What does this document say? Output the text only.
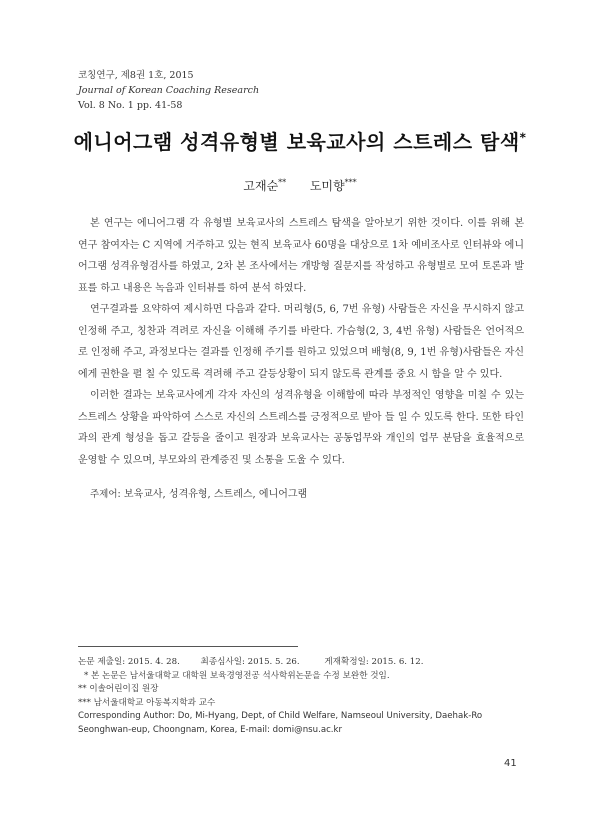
코칭연구, 제8권 1호, 2015
Journal of Korean Coaching Research
Vol. 8 No. 1 pp. 41-58
에니어그램 성격유형별 보육교사의 스트레스 탐색*
고재순** 도미향***

본 연구는 에니어그램 각 유형별 보육교사의 스트레스 탐색을 알아보기 위한 것이다. 이를 위해 본 연구 참여자는 C 지역에 거주하고 있는 현직 보육교사 60명을 대상으로 1차 예비조사로 인터뷰와 에니어그램 성격유형검사를 하였고, 2차 본 조사에서는 개방형 질문지를 작성하고 유형별로 모여 토론과 발표를 하고 내용은 녹음과 인터뷰를 하여 분석 하였다.

연구결과를 요약하여 제시하면 다음과 같다. 머리형(5, 6, 7번 유형) 사람들은 자신을 무시하지 않고 인정해 주고, 칭찬과 격려로 자신을 이해해 주기를 바란다. 가슴형(2, 3, 4번 유형) 사람들은 언어적으로 인정해 주고, 과정보다는 결과를 인정해 주기를 원하고 있었으며 배형(8, 9, 1번 유형)사람들은 자신에게 권한을 펼 칠 수 있도록 격려해 주고 갈등상황이 되지 않도록 관계를 중요 시 함을 알 수 있다.

이러한 결과는 보육교사에게 각자 자신의 성격유형을 이해함에 따라 부정적인 영향을 미칠 수 있는 스트레스 상황을 파악하여 스스로 자신의 스트레스를 긍정적으로 받아 들 일 수 있도록 한다. 또한 타인과의 관계 형성을 돕고 갈등을 줄이고 원장과 보육교사는 공동업무와 개인의 업무 분담을 효율적으로 운영할 수 있으며, 부모와의 관계증진 및 소통을 도울 수 있다.

주제어: 보육교사, 성격유형, 스트레스, 에니어그램
논문 제출일: 2015. 4. 28. 최종심사일: 2015. 5. 26.	게재확정일: 2015. 6. 12.
* 본 논문은 남서울대학교 대학원 보육경영전공 석사학위논문을 수정 보완한 것임.
** 이솔어린이집 원장
*** 남서울대학교 아동복지학과 교수
Corresponding Author: Do, Mi-Hyang, Dept, of Child Welfare, Namseoul University, Daehak-Ro Seonghwan-eup, Choongnam, Korea, E-mail: domi@nsu.ac.kr
41
